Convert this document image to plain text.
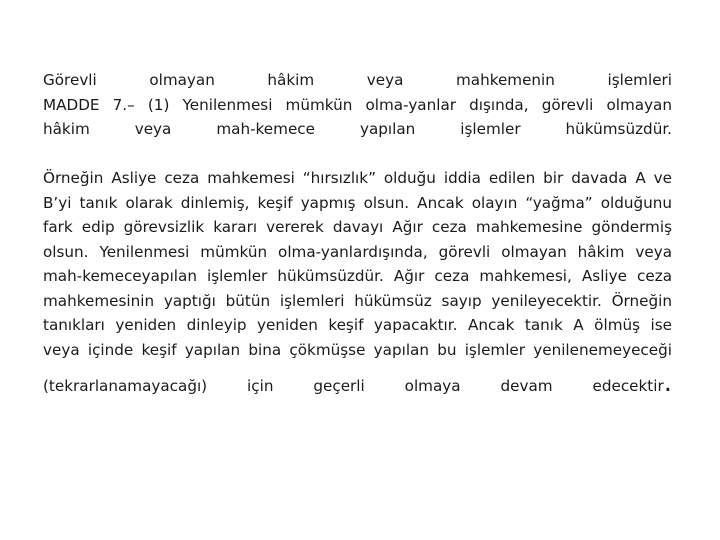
Görevli olmayan hâkim veya mahkemenin işlemleri
MADDE 7.– (1) Yenilenmesi mümkün olma-yanlar dışında, görevli olmayan
hâkim veya mah-kemece yapılan işlemler hükümsüzdür.
Örneğin Asliye ceza mahkemesi “hırsızlık” olduğu iddia edilen bir davada A ve
B’yi tanık olarak dinlemiş, keşif yapmış olsun. Ancak olayın “yağma” olduğunu
fark edip görevsizlik kararı vererek davayı Ağır ceza mahkemesine göndermiş
olsun. Yenilenmesi mümkün olma-yanlardışında, görevli olmayan hâkim veya
mah-kemeceyapılan işlemler hükümsüzdür. Ağır ceza mahkemesi, Asliye ceza
mahkemesinin yaptığı bütün işlemleri hükümsüz sayıp yenileyecektir. Örneğin
tanıkları yeniden dinleyip yeniden keşif yapacaktır. Ancak tanık A ölmüş ise
veya içinde keşif yapılan bina çökmüşse yapılan bu işlemler yenilenemeyeceği
(tekrarlanamayacağı) için geçerli olmaya devam edecektir.
